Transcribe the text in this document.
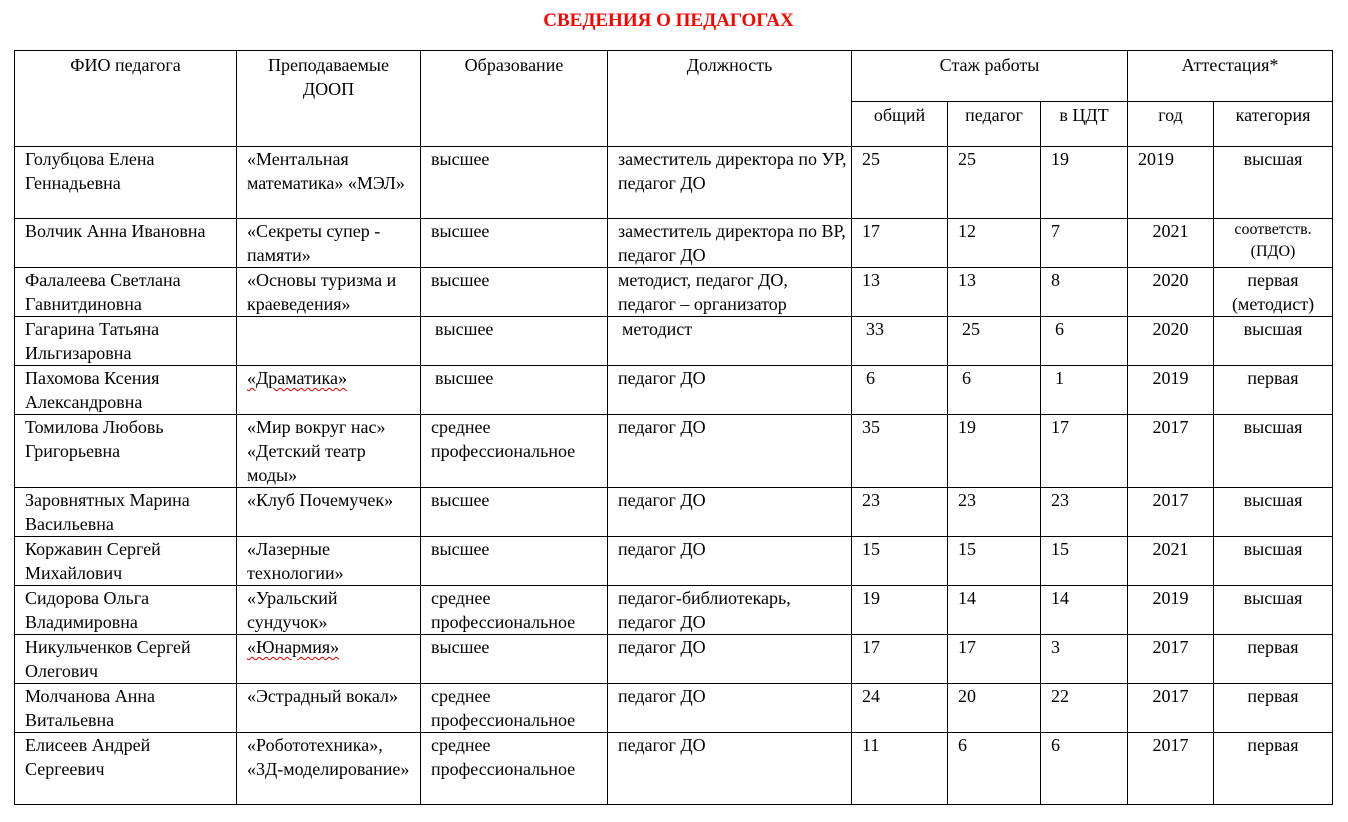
СВЕДЕНИЯ О ПЕДАГОГАХ
ФИО педагога	Преподаваемые ДООП	Образование	Должность	Стаж работы			Аттестация*	
				общий	педагог	в ЦДТ	год	категория
Голубцова Елена Геннадьевна	«Ментальная математика» «МЭЛ»	высшее	заместитель директора по УР, педагог ДО	25	25	19	2019	высшая
Волчик Анна Ивановна	«Секреты супер - памяти»	высшее	заместитель директора по ВР, педагог ДО	17	12	7	2021	соответств. (ПДО)
Фалалеева Светлана Гавнитдиновна	«Основы туризма и краеведения»	высшее	методист, педагог ДО, педагог – организатор	13	13	8	2020	первая (методист)
Гагарина Татьяна Ильгизаровна		высшее	методист	33	25	6	2020	высшая
Пахомова Ксения Александровна	«Драматика»	высшее	педагог ДО	6	6	1	2019	первая
Томилова Любовь Григорьевна	«Мир вокруг нас» «Детский театр моды»	среднее профессиональное	педагог ДО	35	19	17	2017	высшая
Заровнятных Марина Васильевна	«Клуб Почемучек»	высшее	педагог ДО	23	23	23	2017	высшая
Коржавин Сергей Михайлович	«Лазерные технологии»	высшее	педагог ДО	15	15	15	2021	высшая
Сидорова Ольга Владимировна	«Уральский сундучок»	среднее профессиональное	педагог-библиотекарь, педагог ДО	19	14	14	2019	высшая
Никульченков Сергей Олегович	«Юнармия»	высшее	педагог ДО	17	17	3	2017	первая
Молчанова Анна Витальевна	«Эстрадный вокал»	среднее профессиональное	педагог ДО	24	20	22	2017	первая
Елисеев Андрей Сергеевич	«Робототехника», «3Д-моделирование»	среднее профессиональное	педагог ДО	11	6	6	2017	первая
